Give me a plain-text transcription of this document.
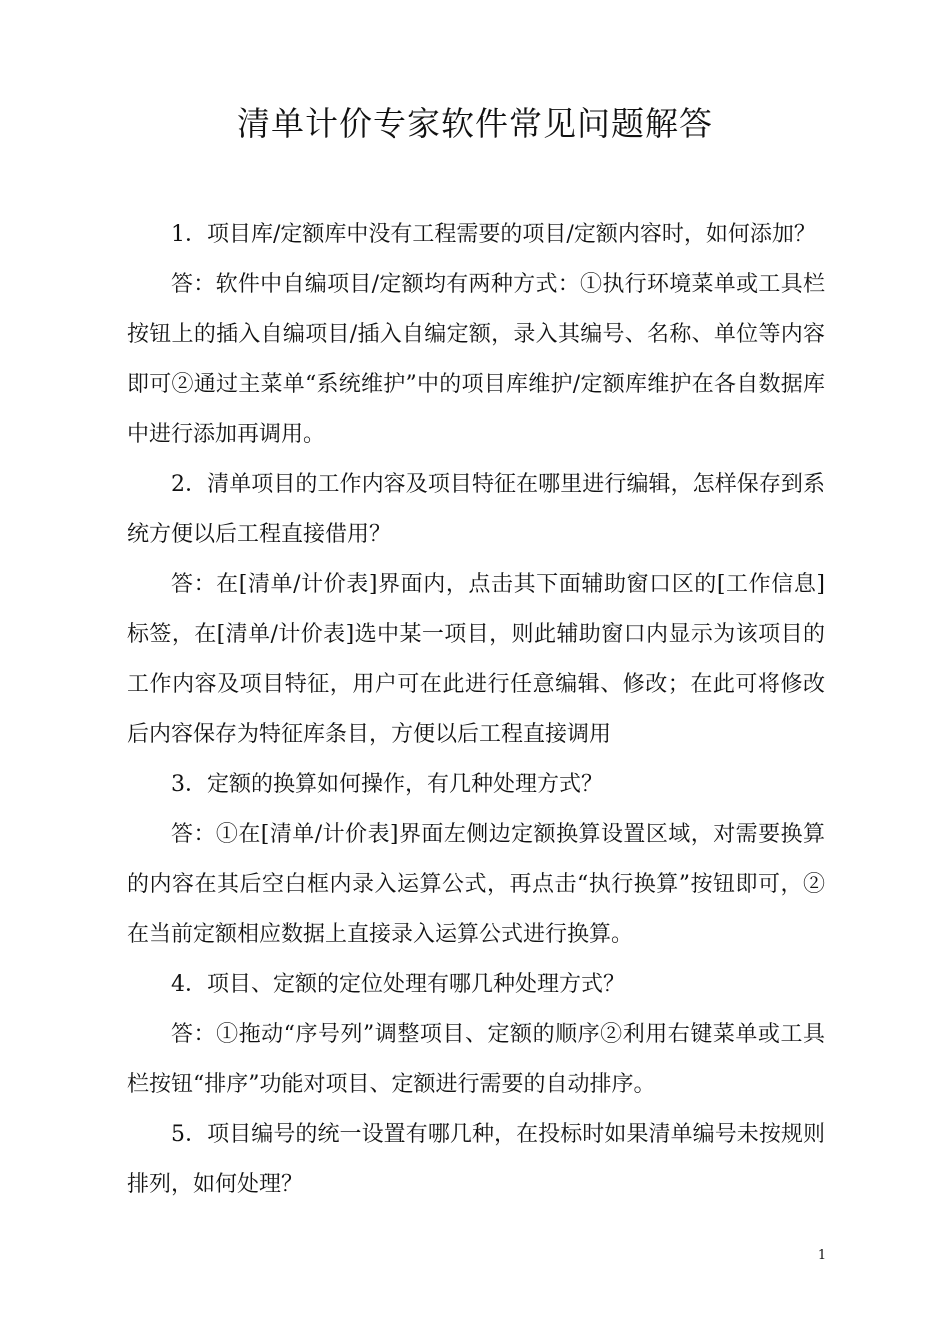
清单计价专家软件常见问题解答

1．项目库/定额库中没有工程需要的项目/定额内容时，如何添加？

答：软件中自编项目/定额均有两种方式：①执行环境菜单或工具栏按钮上的插入自编项目/插入自编定额，录入其编号、名称、单位等内容即可②通过主菜单“系统维护”中的项目库维护/定额库维护在各自数据库中进行添加再调用。

2．清单项目的工作内容及项目特征在哪里进行编辑，怎样保存到系统方便以后工程直接借用？

答：在[清单/计价表]界面内，点击其下面辅助窗口区的[工作信息]标签，在[清单/计价表]选中某一项目，则此辅助窗口内显示为该项目的工作内容及项目特征，用户可在此进行任意编辑、修改；在此可将修改后内容保存为特征库条目，方便以后工程直接调用

3．定额的换算如何操作，有几种处理方式？

答：①在[清单/计价表]界面左侧边定额换算设置区域，对需要换算的内容在其后空白框内录入运算公式，再点击“执行换算”按钮即可，②在当前定额相应数据上直接录入运算公式进行换算。

4．项目、定额的定位处理有哪几种处理方式？

答：①拖动“序号列”调整项目、定额的顺序②利用右键菜单或工具栏按钮“排序”功能对项目、定额进行需要的自动排序。

5．项目编号的统一设置有哪几种，在投标时如果清单编号未按规则排列，如何处理？

1
